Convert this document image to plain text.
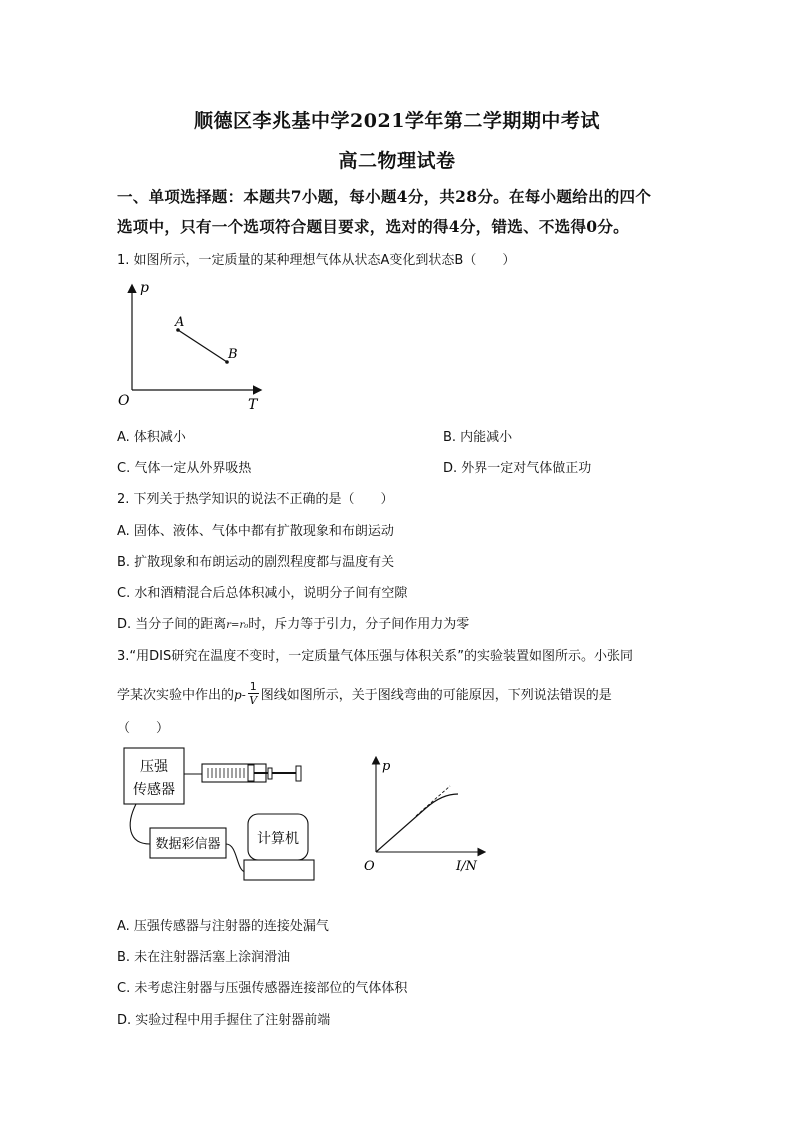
顺德区李兆基中学2021学年第二学期期中考试
高二物理试卷
一、单项选择题：本题共7小题，每小题4分，共28分。在每小题给出的四个
选项中，只有一个选项符合题目要求，选对的得4分，错选、不选得0分。
1. 如图所示，一定质量的某种理想气体从状态A变化到状态B（　　）
p
T
O
A
B
A. 体积减小	B. 内能减小
C. 气体一定从外界吸热	D. 外界一定对气体做正功
2. 下列关于热学知识的说法不正确的是（　　）
A. 固体、液体、气体中都有扩散现象和布朗运动
B. 扩散现象和布朗运动的剧烈程度都与温度有关
C. 水和酒精混合后总体积减小，说明分子间有空隙
D. 当分子间的距离r=r₀时，斥力等于引力，分子间作用力为零
3.“用DIS研究在温度不变时，一定质量气体压强与体积关系”的实验装置如图所示。小张同
学某次实验中作出的$p- \frac{1}{V}$ 图线如图所示，关于图线弯曲的可能原因，下列说法错误的是
（　　）
压强
传感器
数据彩信器	计算机
p
I/N
O
A. 压强传感器与注射器的连接处漏气
B. 未在注射器活塞上涂润滑油
C. 未考虑注射器与压强传感器连接部位的气体体积
D. 实验过程中用手握住了注射器前端
